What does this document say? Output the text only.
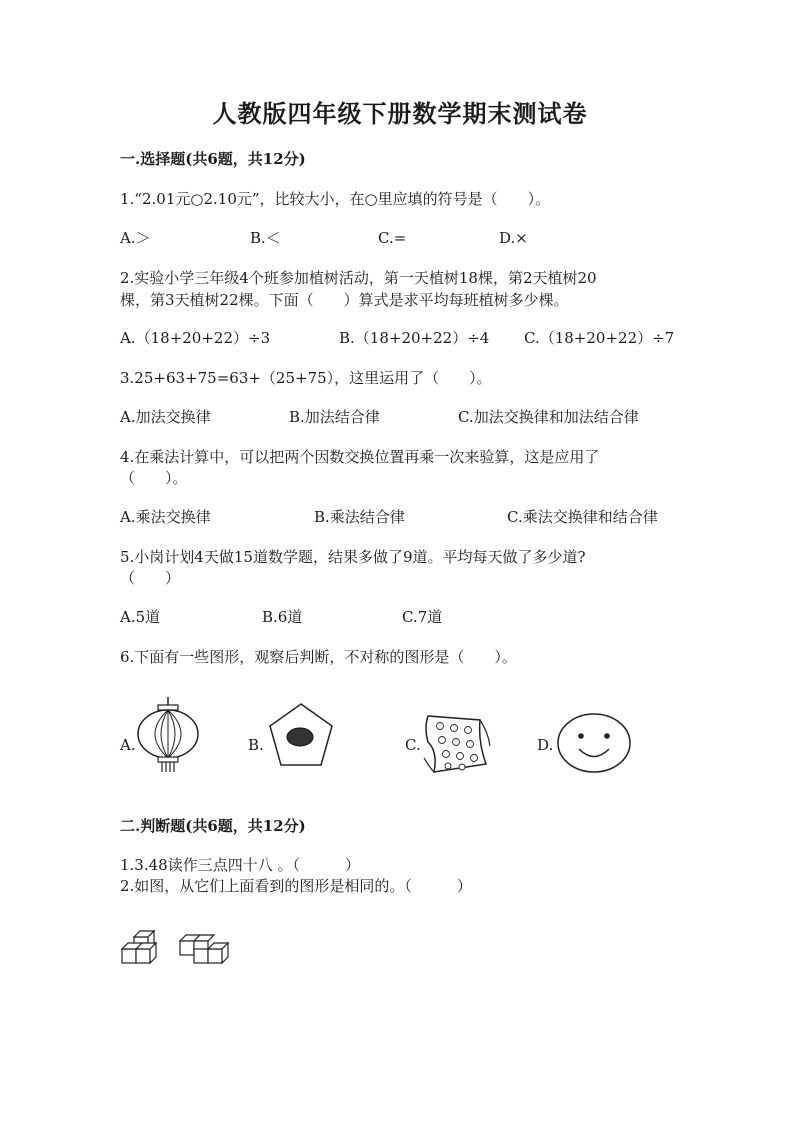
人教版四年级下册数学期末测试卷
一.选择题(共6题，共12分)
1.“2.01元○2.10元”，比较大小，在○里应填的符号是（　　）。
A.＞	B.＜	C.=	D.×
2.实验小学三年级4个班参加植树活动，第一天植树18棵，第2天植树20
棵，第3天植树22棵。下面（　　）算式是求平均每班植树多少棵。
A.（18+20+22）÷3	B.（18+20+22）÷4 C.（18+20+22）÷7
3.25+63+75=63+（25+75），这里运用了（　　）。
A.加法交换律	B.加法结合律	C.加法交换律和加法结合律
4.在乘法计算中，可以把两个因数交换位置再乘一次来验算，这是应用了
（　　）。
A.乘法交换律	B.乘法结合律	C.乘法交换律和结合律
5.小岗计划4天做15道数学题，结果多做了9道。平均每天做了多少道?
（　　）
A.5道	B.6道	C.7道
6.下面有一些图形，观察后判断，不对称的图形是（　　）。
A.	B.	C.	D.
二.判断题(共6题，共12分)
1.3.48读作三点四十八 。（　　　）
2.如图，从它们上面看到的图形是相同的。（　　　）
